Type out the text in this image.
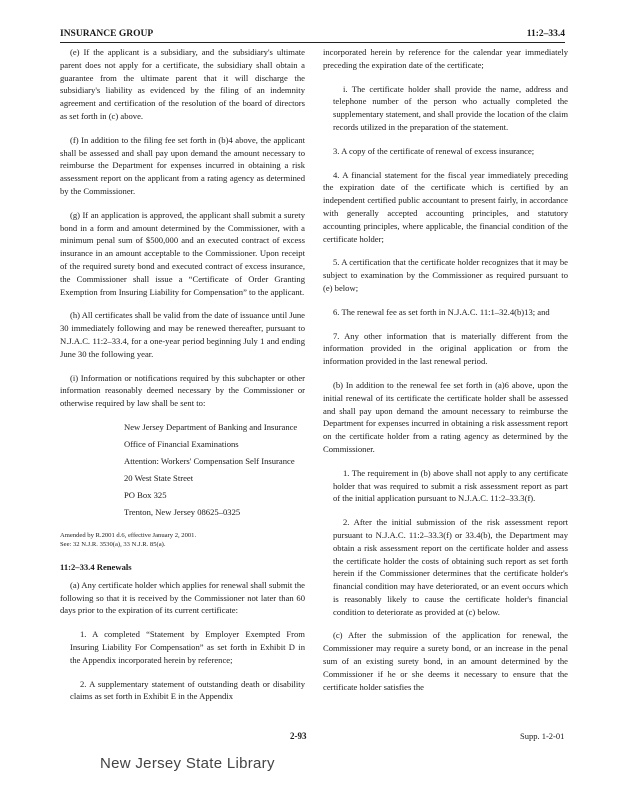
INSURANCE GROUP	11:2–33.4

(e) If the applicant is a subsidiary, and the subsidiary's ultimate parent does not apply for a certificate, the subsidiary shall obtain a guarantee from the ultimate parent that it will discharge the subsidiary's liability as evidenced by the filing of an indemnity agreement and certification of the resolution of the board of directors as set forth in (c) above.

(f) In addition to the filing fee set forth in (b)4 above, the applicant shall be assessed and shall pay upon demand the amount necessary to reimburse the Department for expenses incurred in obtaining a risk assessment report on the applicant from a rating agency as determined by the Commissioner.

(g) If an application is approved, the applicant shall submit a surety bond in a form and amount determined by the Commissioner, with a minimum penal sum of $500,000 and an executed contract of excess insurance in an amount acceptable to the Commissioner. Upon receipt of the required surety bond and executed contract of excess insurance, the Commissioner shall issue a “Certificate of Order Granting Exemption from Insuring Liability for Compensation” to the applicant.

(h) All certificates shall be valid from the date of issuance until June 30 immediately following and may be renewed thereafter, pursuant to N.J.A.C. 11:2–33.4, for a one-year period beginning July 1 and ending June 30 the following year.

(i) Information or notifications required by this subchapter or other information reasonably deemed necessary by the Commissioner or otherwise required by law shall be sent to:

New Jersey Department of Banking and Insurance
Office of Financial Examinations
Attention: Workers' Compensation Self Insurance
20 West State Street
PO Box 325
Trenton, New Jersey 08625–0325
Amended by R.2001 d.6, effective January 2, 2001.
See: 32 N.J.R. 3530(a), 33 N.J.R. 85(a).
11:2–33.4 Renewals

(a) Any certificate holder which applies for renewal shall submit the following so that it is received by the Commissioner not later than 60 days prior to the expiration of its current certificate:

1. A completed “Statement by Employer Exempted From Insuring Liability For Compensation” as set forth in Exhibit D in the Appendix incorporated herein by reference;

2. A supplementary statement of outstanding death or disability claims as set forth in Exhibit E in the Appendix

incorporated herein by reference for the calendar year immediately preceding the expiration date of the certificate;

i. The certificate holder shall provide the name, address and telephone number of the person who actually completed the supplementary statement, and shall provide the location of the claim records utilized in the preparation of the statement.

3. A copy of the certificate of renewal of excess insurance;

4. A financial statement for the fiscal year immediately preceding the expiration date of the certificate which is certified by an independent certified public accountant to present fairly, in accordance with generally accepted accounting principles, and statutory accounting principles, where applicable, the financial condition of the certificate holder;

5. A certification that the certificate holder recognizes that it may be subject to examination by the Commissioner as required pursuant to (e) below;

6. The renewal fee as set forth in N.J.A.C. 11:1–32.4(b)13; and

7. Any other information that is materially different from the information provided in the original application or from the information provided in the last renewal period.

(b) In addition to the renewal fee set forth in (a)6 above, upon the initial renewal of its certificate the certificate holder shall be assessed and shall pay upon demand the amount necessary to reimburse the Department for expenses incurred in obtaining a risk assessment report on the certificate holder from a rating agency as determined by the Commissioner.

1. The requirement in (b) above shall not apply to any certificate holder that was required to submit a risk assessment report as part of the initial application pursuant to N.J.A.C. 11:2–33.3(f).

2. After the initial submission of the risk assessment report pursuant to N.J.A.C. 11:2–33.3(f) or 33.4(b), the Department may obtain a risk assessment report on the certificate holder and assess the certificate holder the costs of obtaining such report as set forth herein if the Commissioner determines that the certificate holder's financial condition may have deteriorated, or an event occurs which is reasonably likely to cause the certificate holder's financial condition to deteriorate as provided at (c) below.

(c) After the submission of the application for renewal, the Commissioner may require a surety bond, or an increase in the penal sum of an existing surety bond, in an amount determined by the Commissioner if he or she deems it necessary to ensure that the certificate holder satisfies the

2-93	Supp. 1-2-01
New Jersey State Library
